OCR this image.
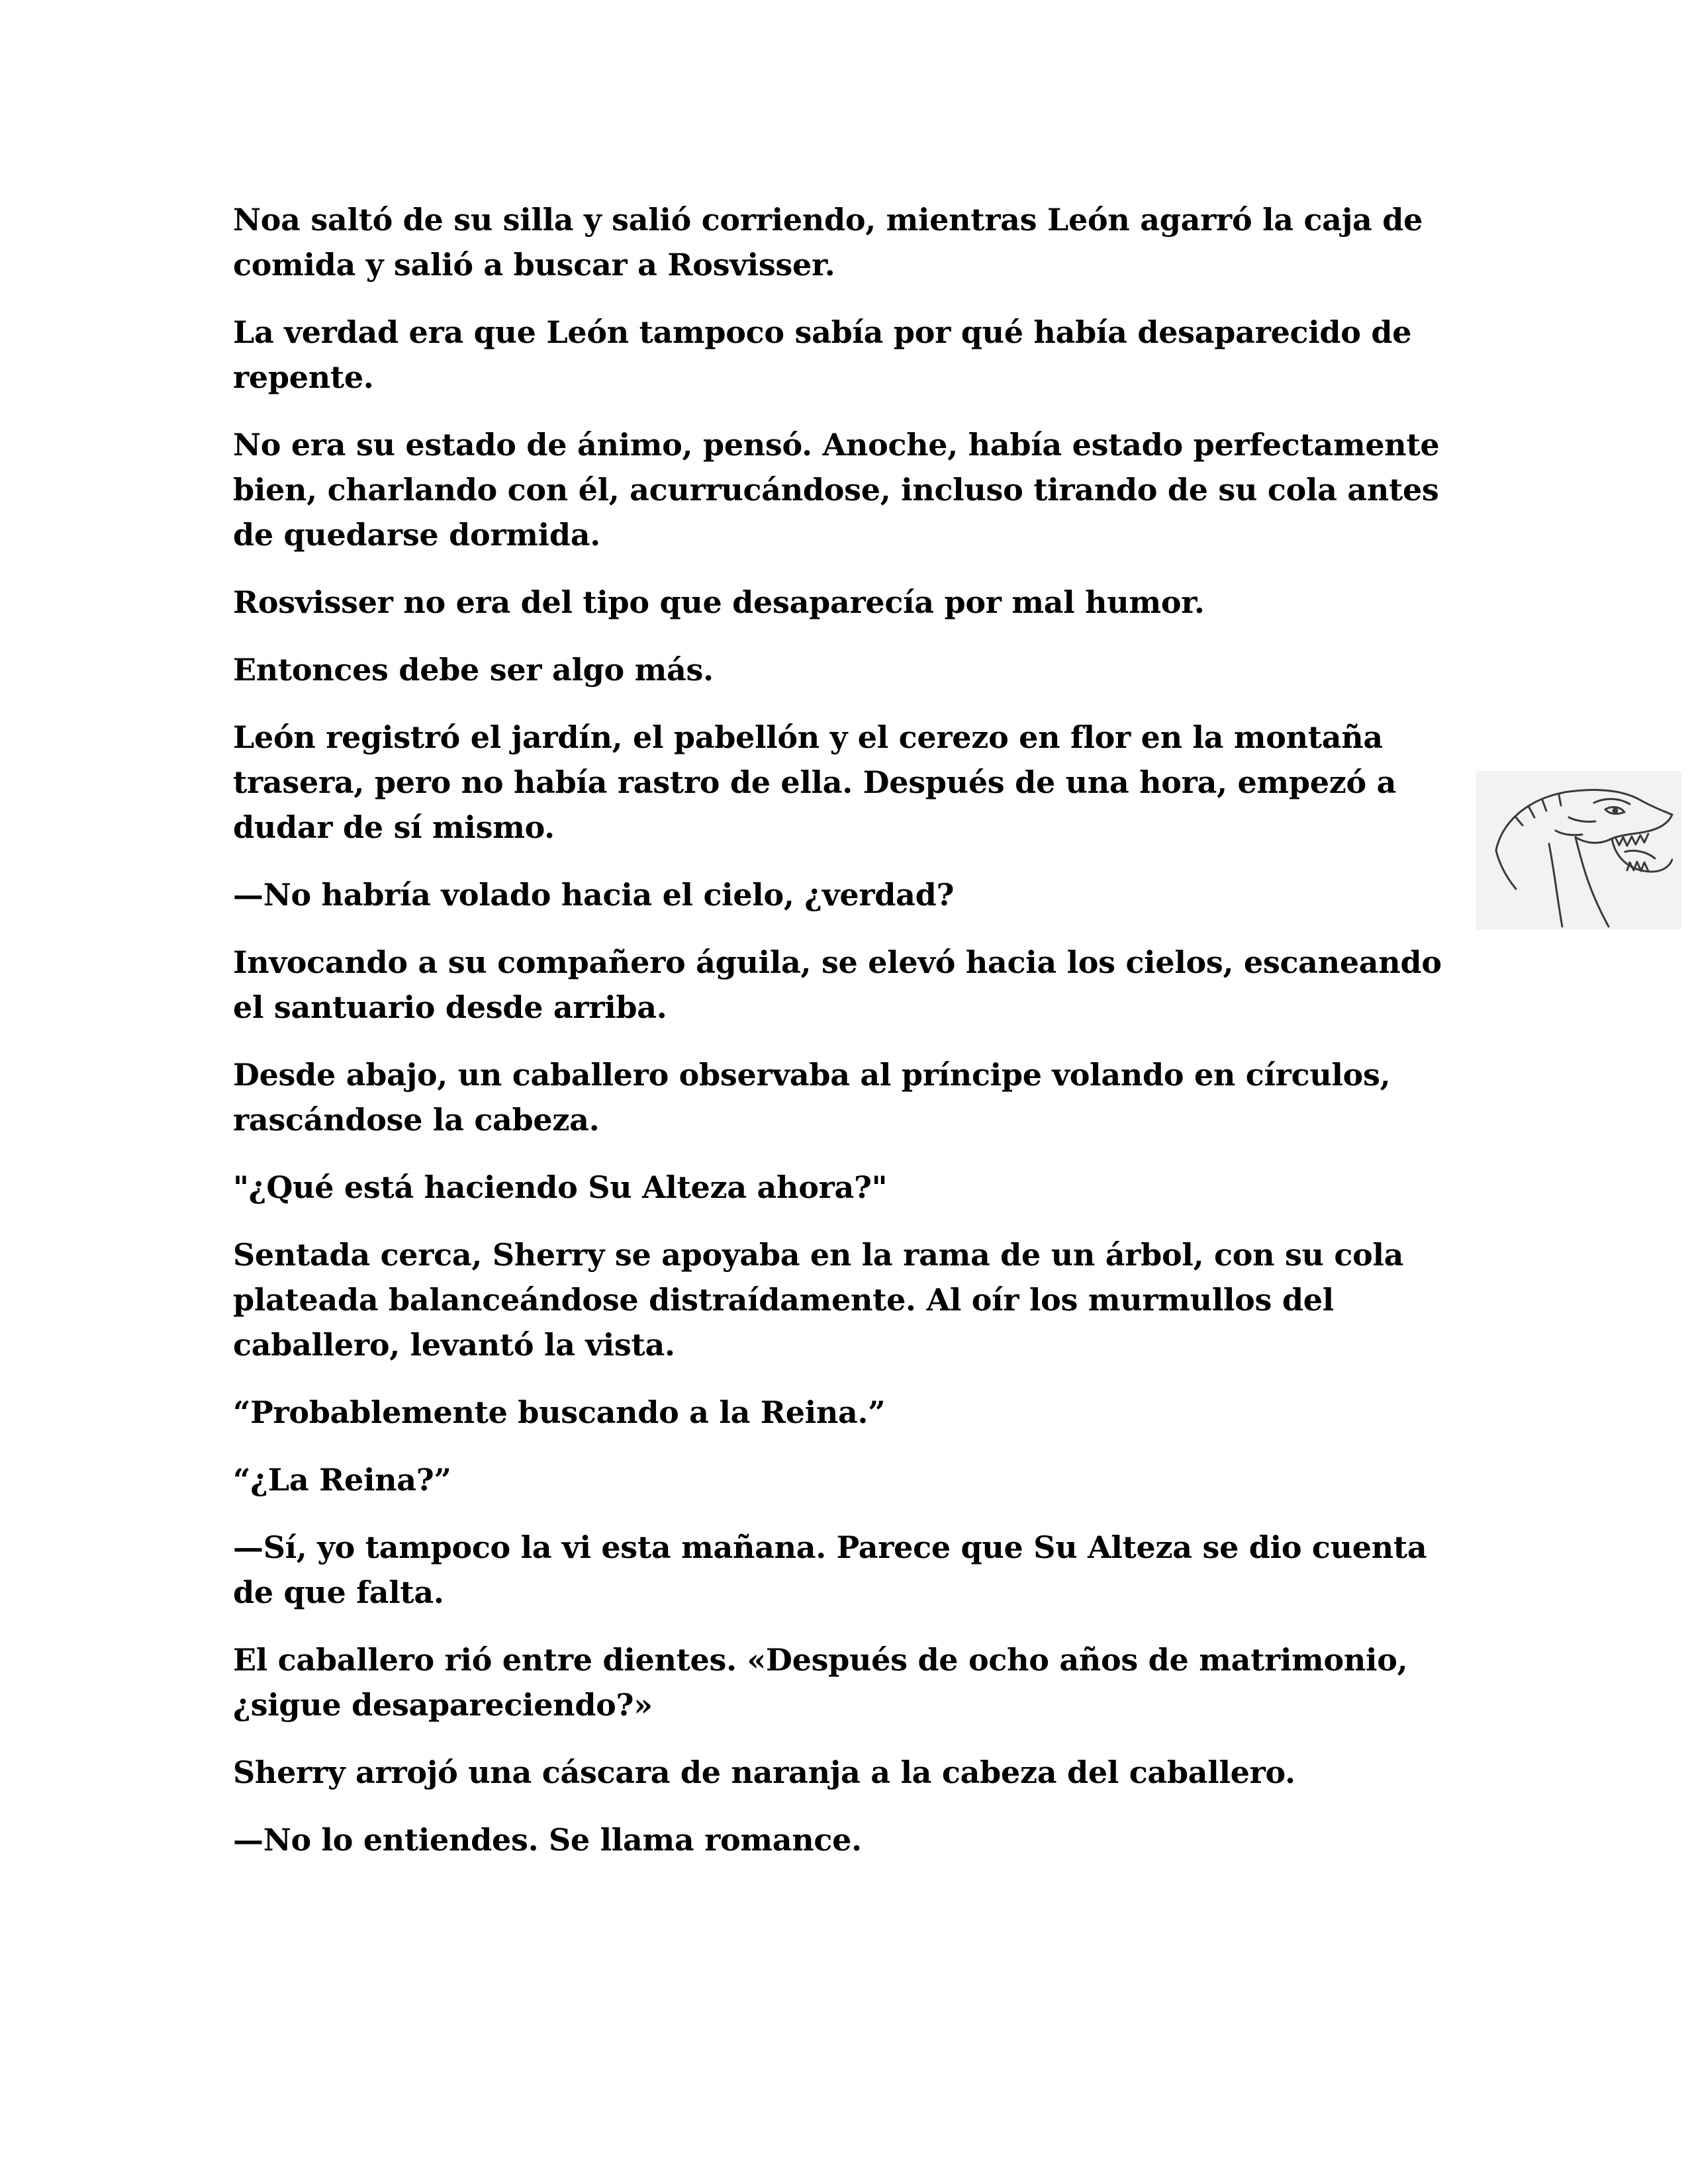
Noa saltó de su silla y salió corriendo, mientras León agarró la caja de comida y salió a buscar a Rosvisser.

La verdad era que León tampoco sabía por qué había desaparecido de repente.

No era su estado de ánimo, pensó. Anoche, había estado perfectamente bien, charlando con él, acurrucándose, incluso tirando de su cola antes de quedarse dormida.

Rosvisser no era del tipo que desaparecía por mal humor.

Entonces debe ser algo más.

León registró el jardín, el pabellón y el cerezo en flor en la montaña trasera, pero no había rastro de ella. Después de una hora, empezó a dudar de sí mismo.

—No habría volado hacia el cielo, ¿verdad?

Invocando a su compañero águila, se elevó hacia los cielos, escaneando el santuario desde arriba.

Desde abajo, un caballero observaba al príncipe volando en círculos, rascándose la cabeza.

"¿Qué está haciendo Su Alteza ahora?"

Sentada cerca, Sherry se apoyaba en la rama de un árbol, con su cola plateada balanceándose distraídamente. Al oír los murmullos del caballero, levantó la vista.

“Probablemente buscando a la Reina.”

“¿La Reina?”

—Sí, yo tampoco la vi esta mañana. Parece que Su Alteza se dio cuenta de que falta.

El caballero rió entre dientes. «Después de ocho años de matrimonio, ¿sigue desapareciendo?»

Sherry arrojó una cáscara de naranja a la cabeza del caballero.

—No lo entiendes. Se llama romance.
